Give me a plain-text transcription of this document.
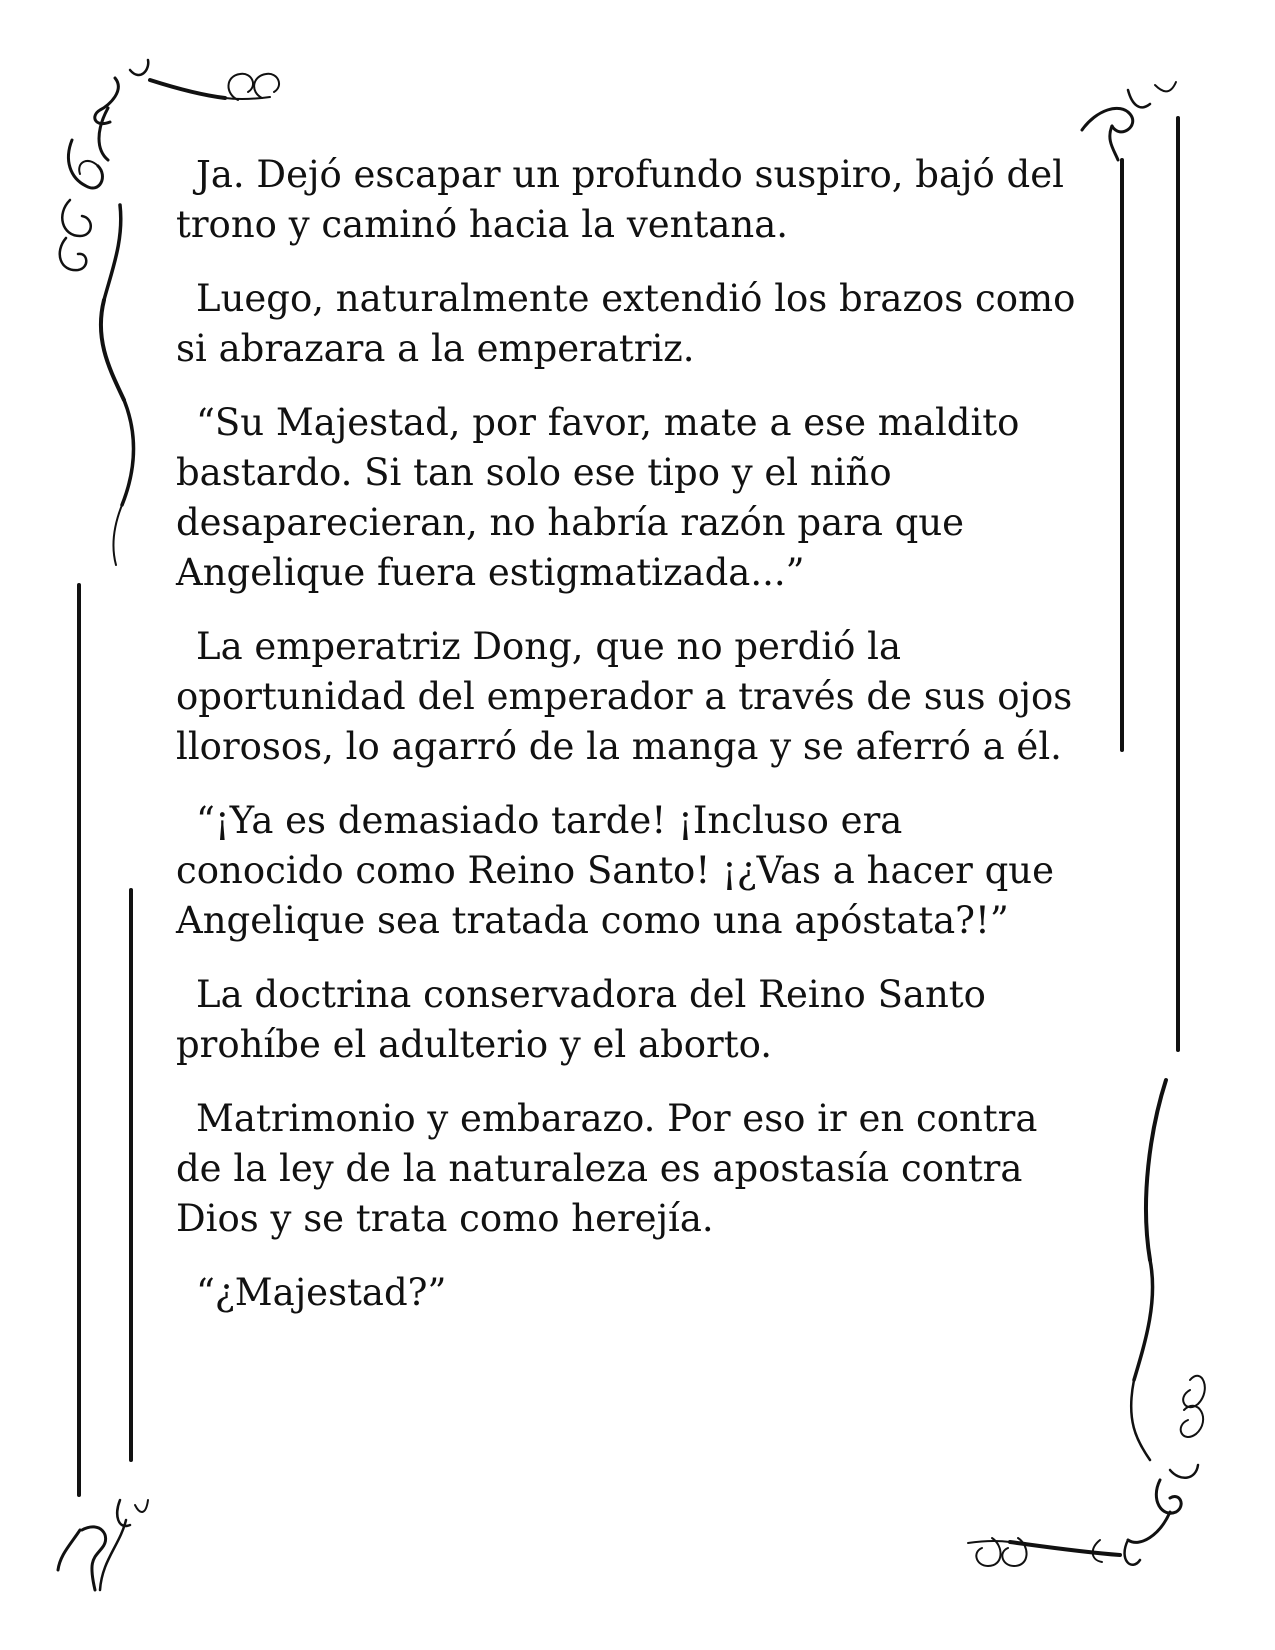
Ja. Dejó escapar un profundo suspiro, bajó del trono y caminó hacia la ventana.

Luego, naturalmente extendió los brazos como si abrazara a la emperatriz.

“Su Majestad, por favor, mate a ese maldito bastardo. Si tan solo ese tipo y el niño desaparecieran, no habría razón para que Angelique fuera estigmatizada...”

La emperatriz Dong, que no perdió la oportunidad del emperador a través de sus ojos llorosos, lo agarró de la manga y se aferró a él.

“¡Ya es demasiado tarde! ¡Incluso era conocido como Reino Santo! ¡¿Vas a hacer que Angelique sea tratada como una apóstata?!”

La doctrina conservadora del Reino Santo prohíbe el adulterio y el aborto.

Matrimonio y embarazo. Por eso ir en contra de la ley de la naturaleza es apostasía contra Dios y se trata como herejía.

“¿Majestad?”
